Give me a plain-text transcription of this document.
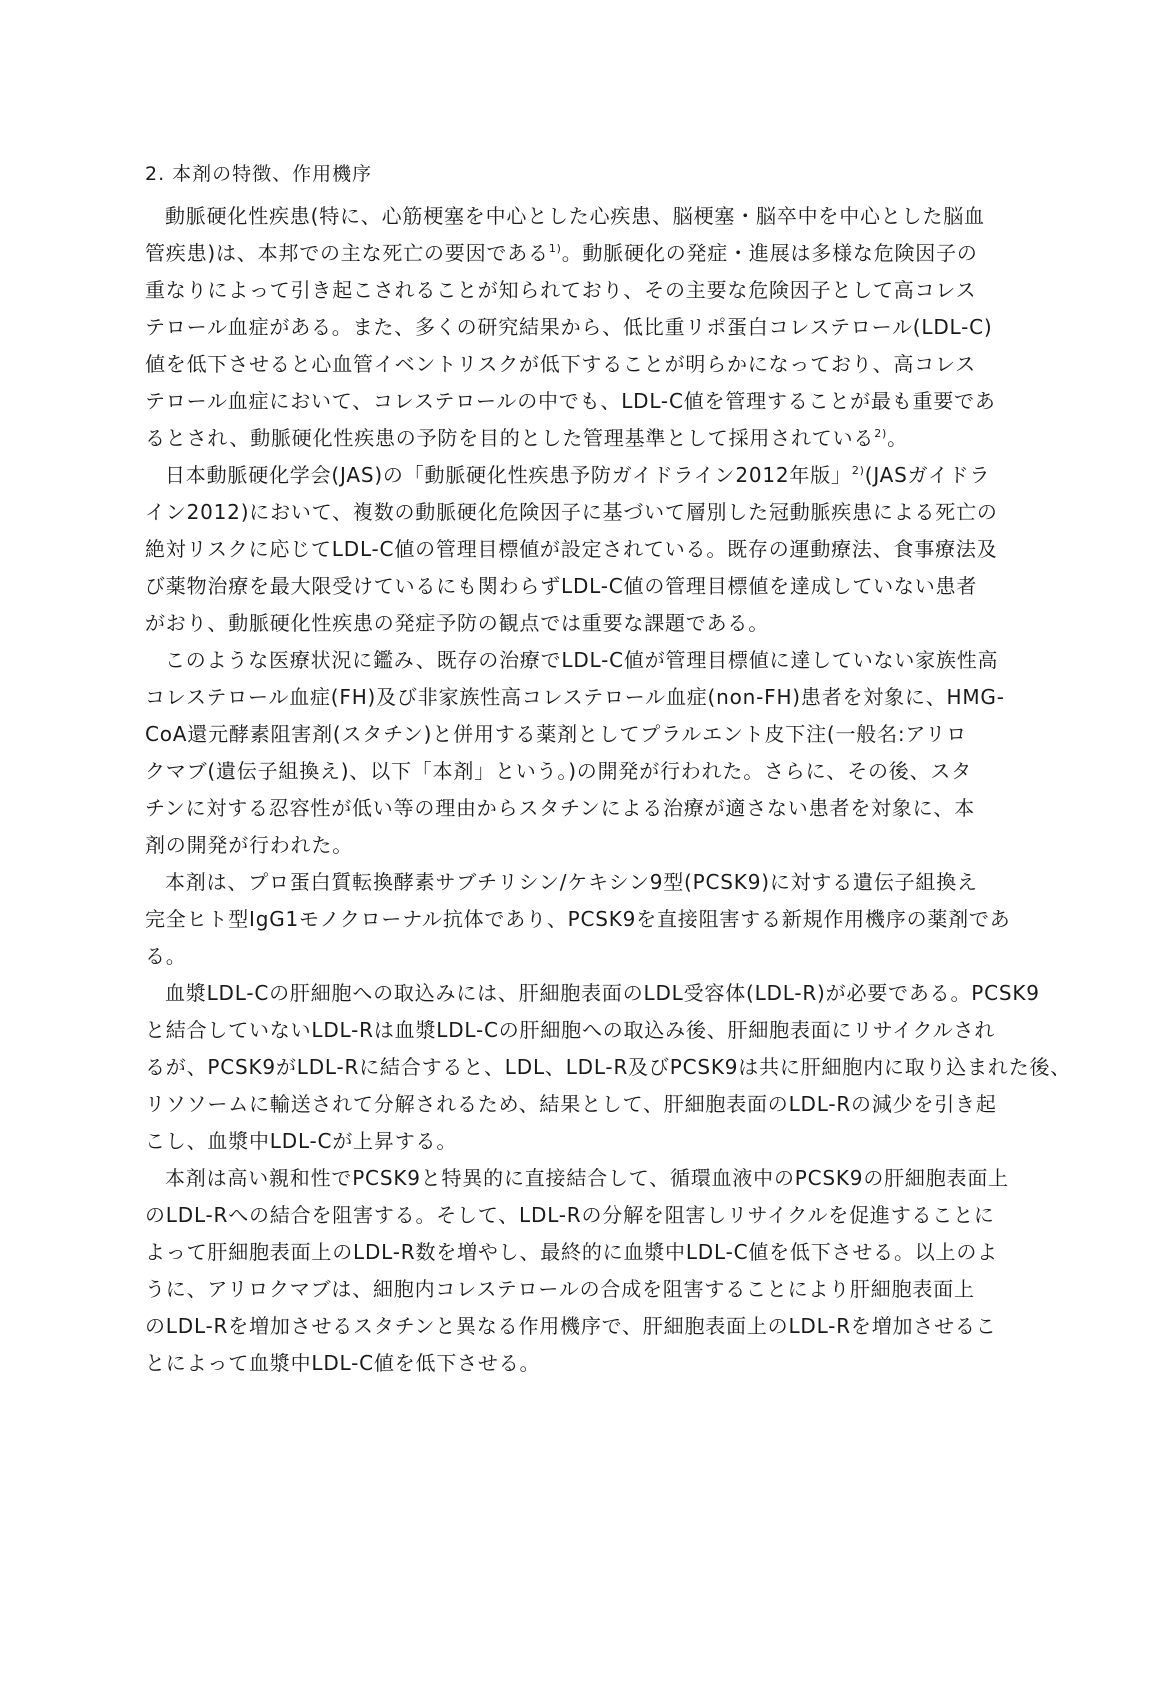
2. 本剤の特徴、作用機序
動脈硬化性疾患(特に、心筋梗塞を中心とした心疾患、脳梗塞・脳卒中を中心とした脳血
管疾患)は、本邦での主な死亡の要因である$^{1)}$。動脈硬化の発症・進展は多様な危険因子の
重なりによって引き起こされることが知られており、その主要な危険因子として高コレス
テロール血症がある。また、多くの研究結果から、低比重リポ蛋白コレステロール(LDL-C)
値を低下させると心血管イベントリスクが低下することが明らかになっており、高コレス
テロール血症において、コレステロールの中でも、LDL-C値を管理することが最も重要であ
るとされ、動脈硬化性疾患の予防を目的とした管理基準として採用されている$^{2)}$。
日本動脈硬化学会(JAS)の「動脈硬化性疾患予防ガイドライン2012年版」$^{2)}$(JASガイドラ
イン2012)において、複数の動脈硬化危険因子に基づいて層別した冠動脈疾患による死亡の
絶対リスクに応じてLDL-C値の管理目標値が設定されている。既存の運動療法、食事療法及
び薬物治療を最大限受けているにも関わらずLDL-C値の管理目標値を達成していない患者
がおり、動脈硬化性疾患の発症予防の観点では重要な課題である。
このような医療状況に鑑み、既存の治療でLDL-C値が管理目標値に達していない家族性高
コレステロール血症(FH)及び非家族性高コレステロール血症(non-FH)患者を対象に、HMG-
CoA還元酵素阻害剤(スタチン)と併用する薬剤としてプラルエント皮下注(一般名:アリロ
クマブ(遺伝子組換え)、以下「本剤」という。)の開発が行われた。さらに、その後、スタ
チンに対する忍容性が低い等の理由からスタチンによる治療が適さない患者を対象に、本
剤の開発が行われた。
本剤は、プロ蛋白質転換酵素サブチリシン/ケキシン9型(PCSK9)に対する遺伝子組換え
完全ヒト型IgG1モノクローナル抗体であり、PCSK9を直接阻害する新規作用機序の薬剤であ
る。
血漿LDL-Cの肝細胞への取込みには、肝細胞表面のLDL受容体(LDL-R)が必要である。PCSK9
と結合していないLDL-Rは血漿LDL-Cの肝細胞への取込み後、肝細胞表面にリサイクルされ
るが、PCSK9がLDL-Rに結合すると、LDL、LDL-R及びPCSK9は共に肝細胞内に取り込まれた後、
リソソームに輸送されて分解されるため、結果として、肝細胞表面のLDL-Rの減少を引き起
こし、血漿中LDL-Cが上昇する。
本剤は高い親和性でPCSK9と特異的に直接結合して、循環血液中のPCSK9の肝細胞表面上
のLDL-Rへの結合を阻害する。そして、LDL-Rの分解を阻害しリサイクルを促進することに
よって肝細胞表面上のLDL-R数を増やし、最終的に血漿中LDL-C値を低下させる。以上のよ
うに、アリロクマブは、細胞内コレステロールの合成を阻害することにより肝細胞表面上
のLDL-Rを増加させるスタチンと異なる作用機序で、肝細胞表面上のLDL-Rを増加させるこ
とによって血漿中LDL-C値を低下させる。
